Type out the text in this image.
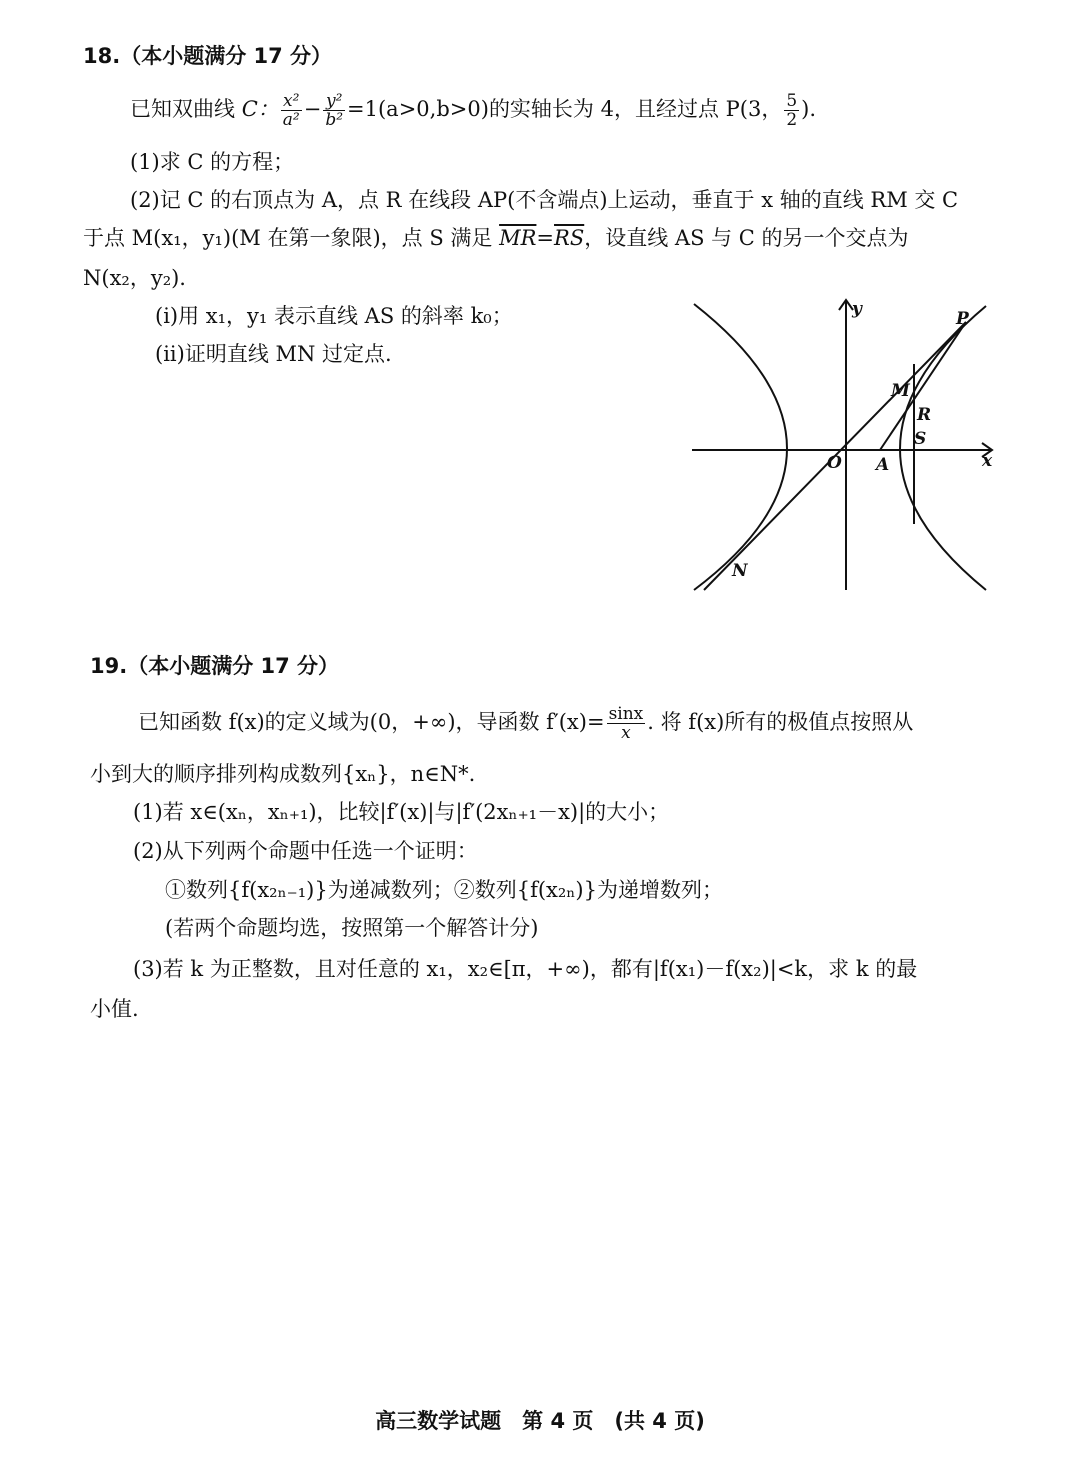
18.（本小题满分 17 分）
已知双曲线 C： $\frac{\text{x²}}{\text{a²}} - \frac{\text{y²}}{\text{b²}} =1(a>0,b>0)$的实轴长为 4，且经过点 P(3， $\frac{5}{2}$ ).
(1)求 C 的方程；
(2)记 C 的右顶点为 A，点 R 在线段 AP(不含端点)上运动，垂直于 x 轴的直线 RM 交 C
于点 M(x₁，y₁)(M 在第一象限)，点 S 满足 $\overline{MR}=\overline{RS}$，设直线 AS 与 C 的另一个交点为
N(x₂，y₂).
(i)用 x₁，y₁ 表示直线 AS 的斜率 k₀；
(ii)证明直线 MN 过定点.
y
x
O A
P
M
R
S
N
19.（本小题满分 17 分）
已知函数 f(x)的定义域为(0，+∞)，导函数 $f'(x)= \frac{\sin x}{x}$ . 将 f(x)所有的极值点按照从
小到大的顺序排列构成数列{xₙ}，n∈N*.
(1)若 x∈(xₙ，xₙ₊₁)，比较|f′(x)|与|f′(2xₙ₊₁－x)|的大小；
(2)从下列两个命题中任选一个证明：
①数列{f(x₂ₙ₋₁)}为递减数列；②数列{f(x₂ₙ)}为递增数列；
(若两个命题均选，按照第一个解答计分)
(3)若 k 为正整数，且对任意的 x₁，x₂∈[π，+∞)，都有|f(x₁)－f(x₂)|<k，求 k 的最
小值.
高三数学试题　第 4 页　(共 4 页)
